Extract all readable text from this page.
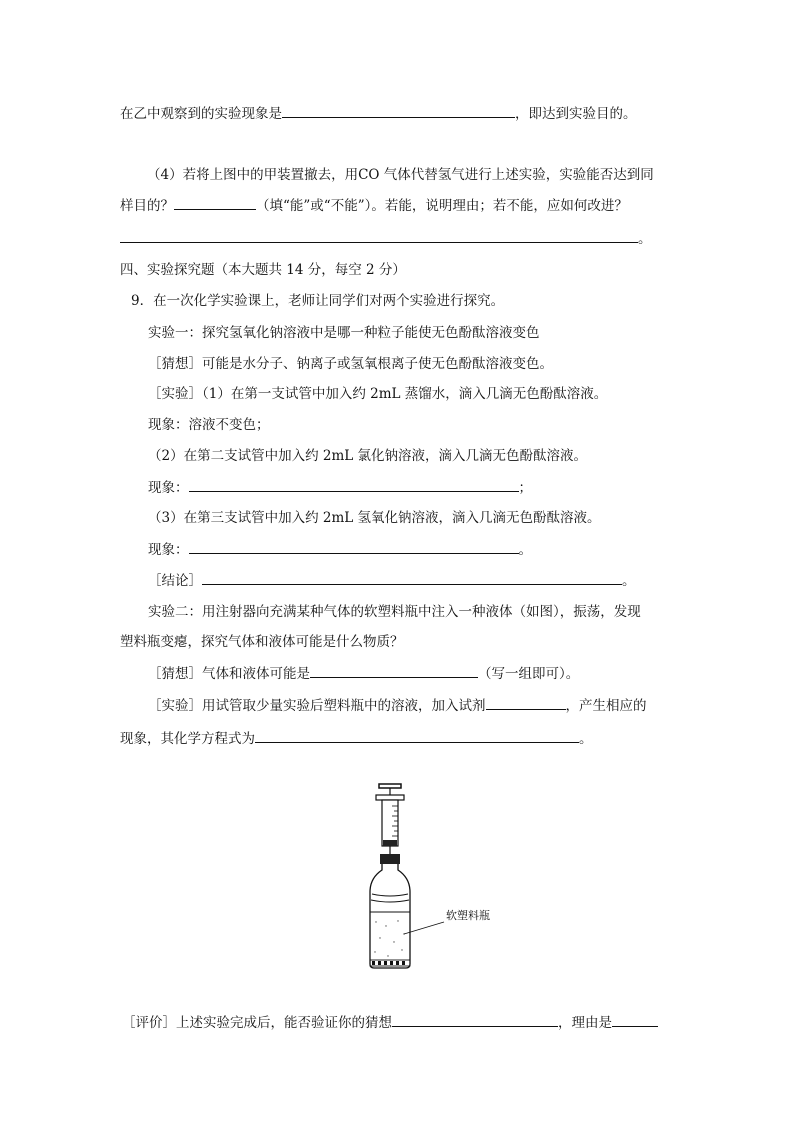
在乙中观察到的实验现象是	，即达到实验目的。
（4）若将上图中的甲装置撤去，用CO 气体代替氢气进行上述实验，实验能否达到同
样目的？	（填“能”或“不能”）。若能，说明理由；若不能，应如何改进？
。
四、实验探究题（本大题共 14 分，每空 2 分）
9．在一次化学实验课上，老师让同学们对两个实验进行探究。
实验一：探究氢氧化钠溶液中是哪一种粒子能使无色酚酞溶液变色
［猜想］可能是水分子、钠离子或氢氧根离子使无色酚酞溶液变色。
［实验］（1）在第一支试管中加入约 2mL 蒸馏水，滴入几滴无色酚酞溶液。
现象：溶液不变色；
（2）在第二支试管中加入约 2mL 氯化钠溶液，滴入几滴无色酚酞溶液。
现象：	；
（3）在第三支试管中加入约 2mL 氢氧化钠溶液，滴入几滴无色酚酞溶液。
现象：	。
［结论］	。
实验二：用注射器向充满某种气体的软塑料瓶中注入一种液体（如图），振荡，发现
塑料瓶变瘪，探究气体和液体可能是什么物质？
［猜想］气体和液体可能是	（写一组即可）。
［实验］用试管取少量实验后塑料瓶中的溶液，加入试剂	，产生相应的
现象，其化学方程式为	。
软塑料瓶
［评价］上述实验完成后，能否验证你的猜想	，理由是
